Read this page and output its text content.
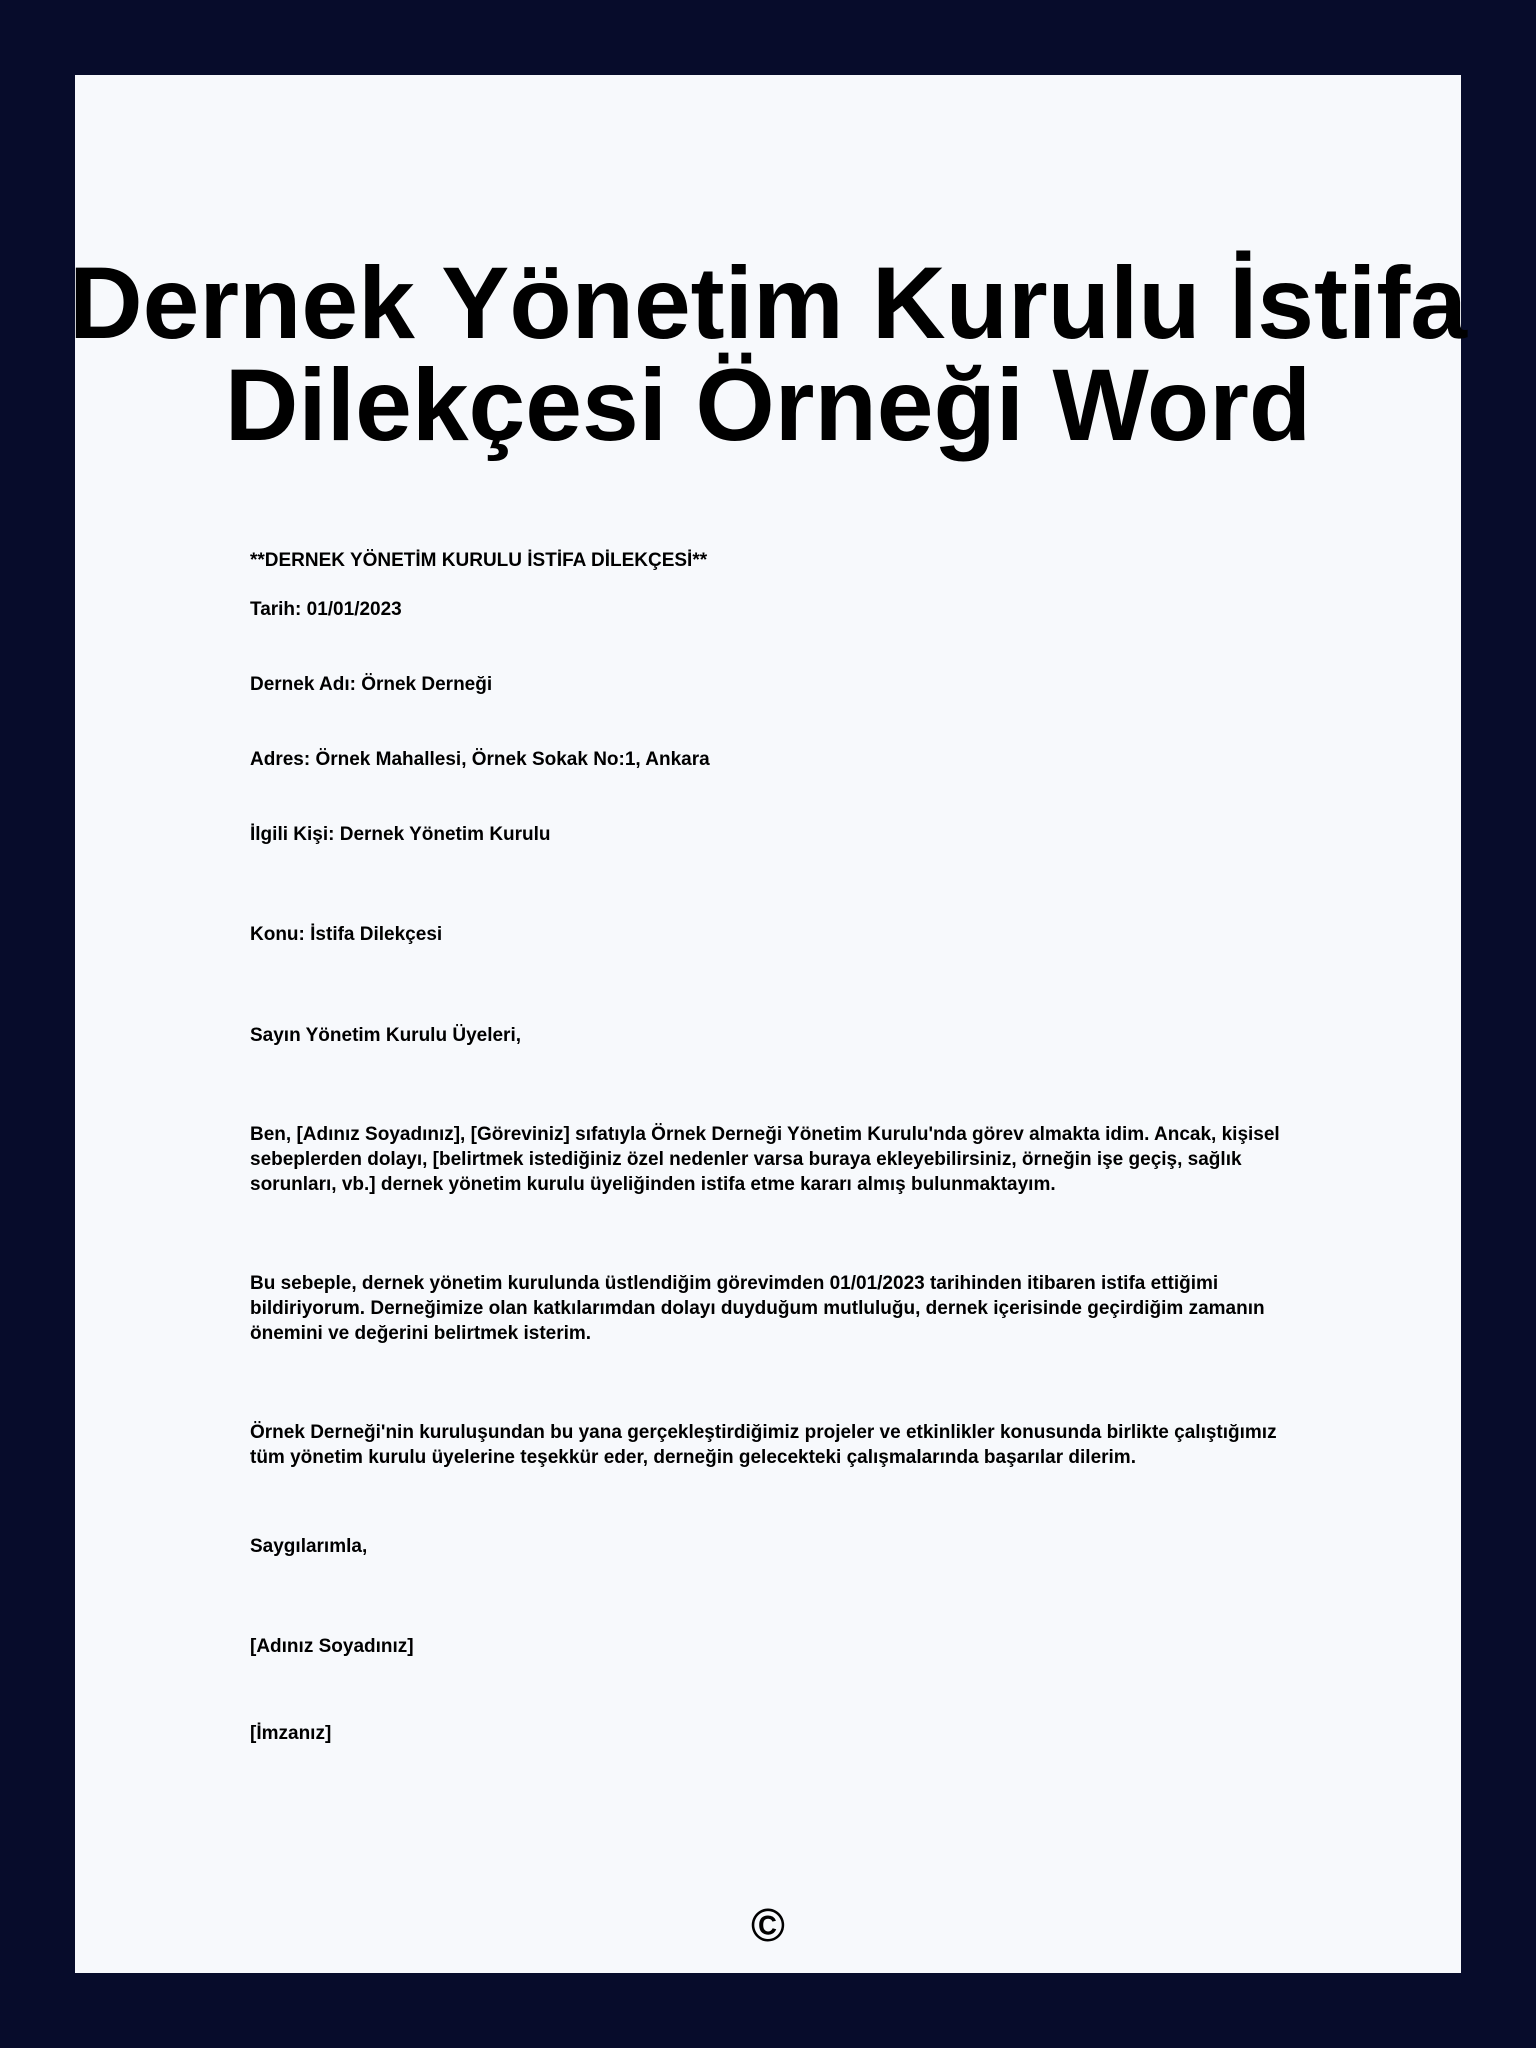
Dernek Yönetim Kurulu İstifa
Dilekçesi Örneği Word

**DERNEK YÖNETİM KURULU İSTİFA DİLEKÇESİ**

Tarih: 01/01/2023

Dernek Adı: Örnek Derneği

Adres: Örnek Mahallesi, Örnek Sokak No:1, Ankara

İlgili Kişi: Dernek Yönetim Kurulu

Konu: İstifa Dilekçesi

Sayın Yönetim Kurulu Üyeleri,

Ben, [Adınız Soyadınız], [Göreviniz] sıfatıyla Örnek Derneği Yönetim Kurulu'nda görev almakta idim. Ancak, kişisel sebeplerden dolayı, [belirtmek istediğiniz özel nedenler varsa buraya ekleyebilirsiniz, örneğin işe geçiş, sağlık sorunları, vb.] dernek yönetim kurulu üyeliğinden istifa etme kararı almış bulunmaktayım.

Bu sebeple, dernek yönetim kurulunda üstlendiğim görevimden 01/01/2023 tarihinden itibaren istifa ettiğimi bildiriyorum. Derneğimize olan katkılarımdan dolayı duyduğum mutluluğu, dernek içerisinde geçirdiğim zamanın önemini ve değerini belirtmek isterim.

Örnek Derneği'nin kuruluşundan bu yana gerçekleştirdiğimiz projeler ve etkinlikler konusunda birlikte çalıştığımız tüm yönetim kurulu üyelerine teşekkür eder, derneğin gelecekteki çalışmalarında başarılar dilerim.

Saygılarımla,

[Adınız Soyadınız]

[İmzanız]

©
